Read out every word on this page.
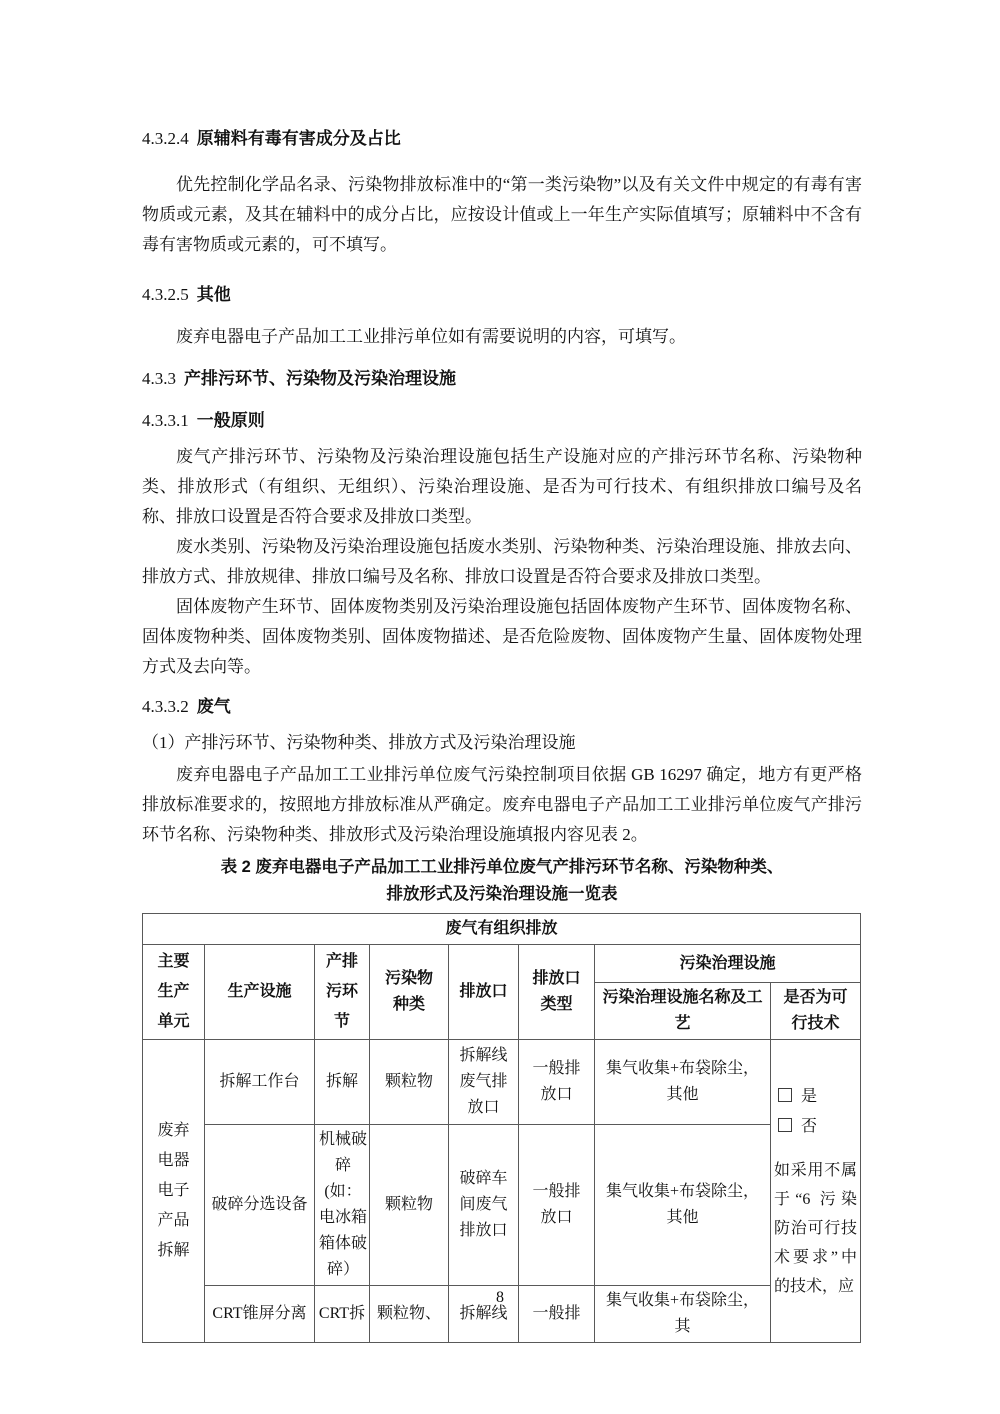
4.3.2.4 原辅料有毒有害成分及占比

优先控制化学品名录、污染物排放标准中的“第一类污染物”以及有关文件中规定的有毒有害物质或元素，及其在辅料中的成分占比，应按设计值或上一年生产实际值填写；原辅料中不含有毒有害物质或元素的，可不填写。

4.3.2.5 其他

废弃电器电子产品加工工业排污单位如有需要说明的内容，可填写。

4.3.3 产排污环节、污染物及污染治理设施

4.3.3.1 一般原则

废气产排污环节、污染物及污染治理设施包括生产设施对应的产排污环节名称、污染物种类、排放形式（有组织、无组织）、污染治理设施、是否为可行技术、有组织排放口编号及名称、排放口设置是否符合要求及排放口类型。

废水类别、污染物及污染治理设施包括废水类别、污染物种类、污染治理设施、排放去向、排放方式、排放规律、排放口编号及名称、排放口设置是否符合要求及排放口类型。

固体废物产生环节、固体废物类别及污染治理设施包括固体废物产生环节、固体废物名称、固体废物种类、固体废物类别、固体废物描述、是否危险废物、固体废物产生量、固体废物处理方式及去向等。

4.3.3.2 废气

（1）产排污环节、污染物种类、排放方式及污染治理设施

废弃电器电子产品加工工业排污单位废气污染控制项目依据 GB 16297 确定，地方有更严格排放标准要求的，按照地方排放标准从严确定。废弃电器电子产品加工工业排污单位废气产排污环节名称、污染物种类、排放形式及污染治理设施填报内容见表 2。

表 2 废弃电器电子产品加工工业排污单位废气产排污环节名称、污染物种类、
排放形式及污染治理设施一览表
废气有组织排放							
主要生产单元	生产设施	产排污环节	污染物种类	排放口	排放口类型	污染治理设施	
						污染治理设施名称及工艺	是否为可行技术
废弃电器电子产品拆解	拆解工作台	拆解	颗粒物	拆解线废气排放口	一般排放口	集气收集+布袋除尘，其他	是
否
如采用不属于“6 污染防治可行技术要求”中的技术，应

	破碎分选设备	机械破碎(如：电冰箱箱体破碎）	颗粒物	破碎车间废气排放口	一般排放口	集气收集+布袋除尘，其他	
	CRT锥屏分离	CRT拆	颗粒物、	拆解线	一般排	集气收集+布袋除尘，其	
8
